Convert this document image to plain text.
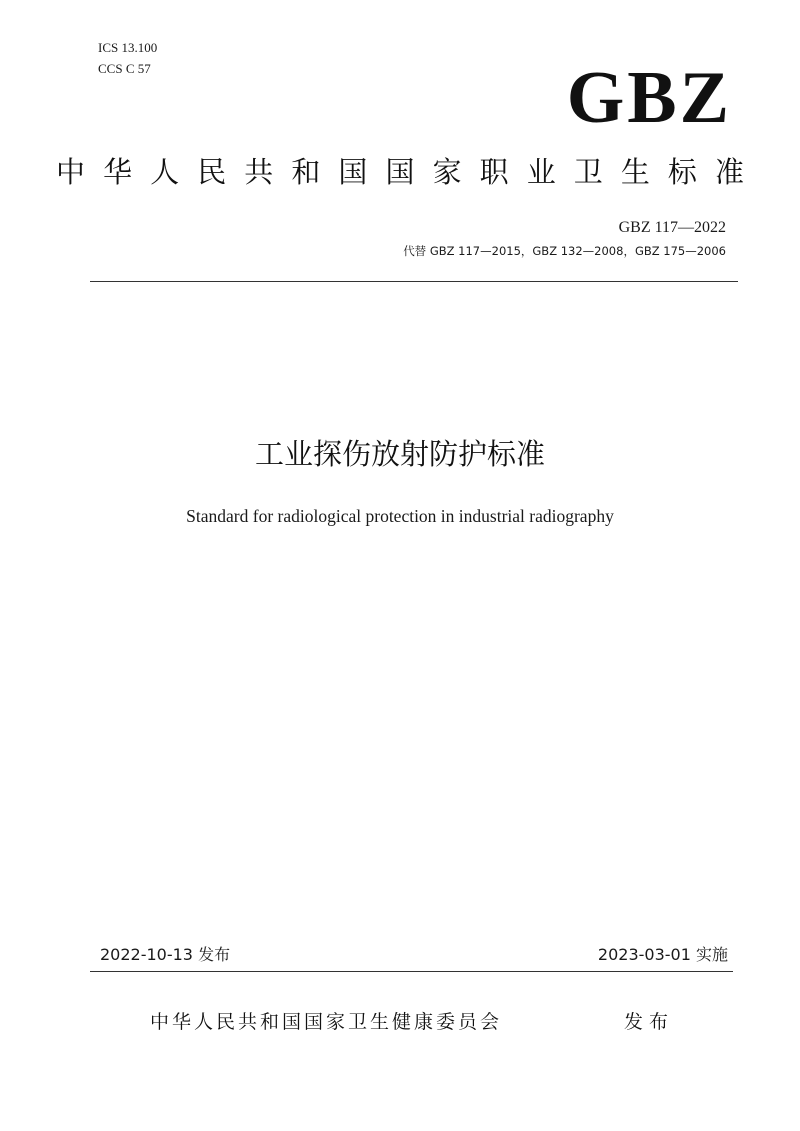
ICS 13.100
CCS C 57	GBZ
中华人民共和国国家职业卫生标准
GBZ 117—2022
代替 GBZ 117—2015，GBZ 132—2008，GBZ 175—2006
工业探伤放射防护标准
Standard for radiological protection in industrial radiography
2022-10-13 发布	2023-03-01 实施
中华人民共和国国家卫生健康委员会	发布
